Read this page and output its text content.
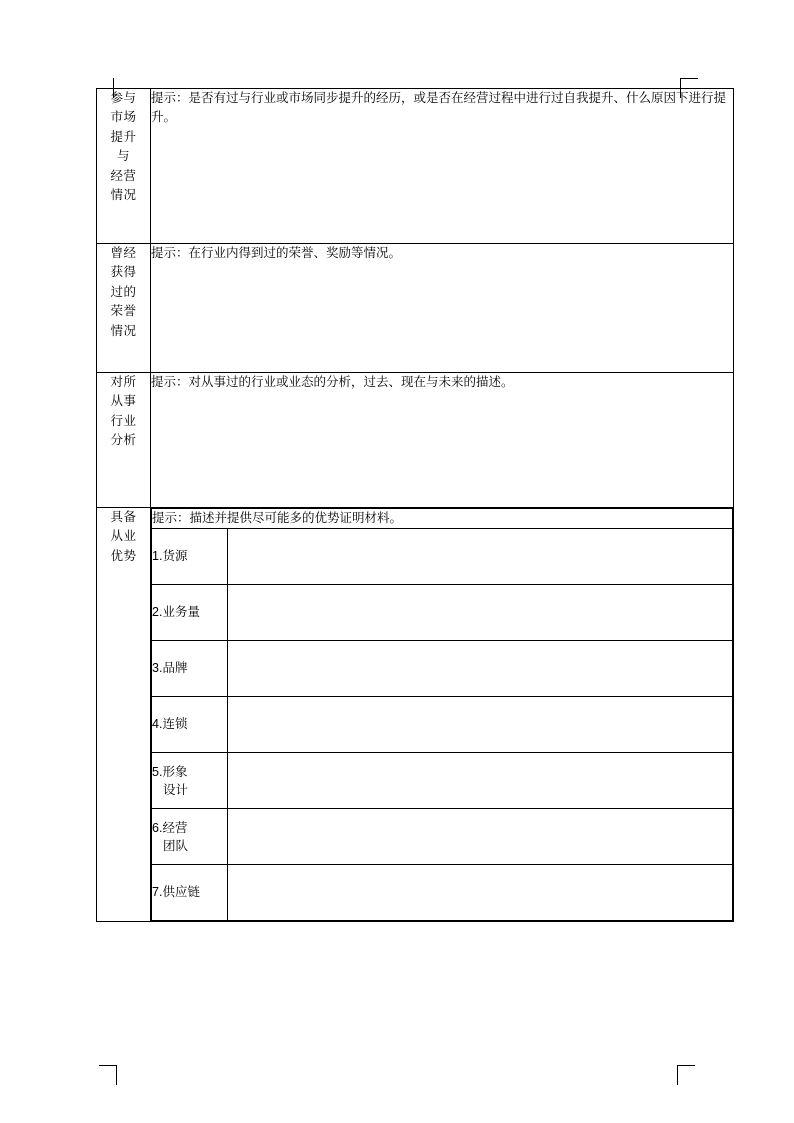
参与
市场
提升
与
经营
情况

提示：是否有过与行业或市场同步提升的经历，或是否在经营过程中进行过自我提升、什么原因下进行提升。

曾经
获得
过的
荣誉
情况

提示：在行业内得到过的荣誉、奖励等情况。

对所
从事
行业
分析

提示：对从事过的行业或业态的分析，过去、现在与未来的描述。

具备
从业
优势

提示：描述并提供尽可能多的优势证明材料。

1.货源	
2.业务量	
3.品牌	
4.连锁	

5.形象
设计

6.经营
团队

7.供应链	
